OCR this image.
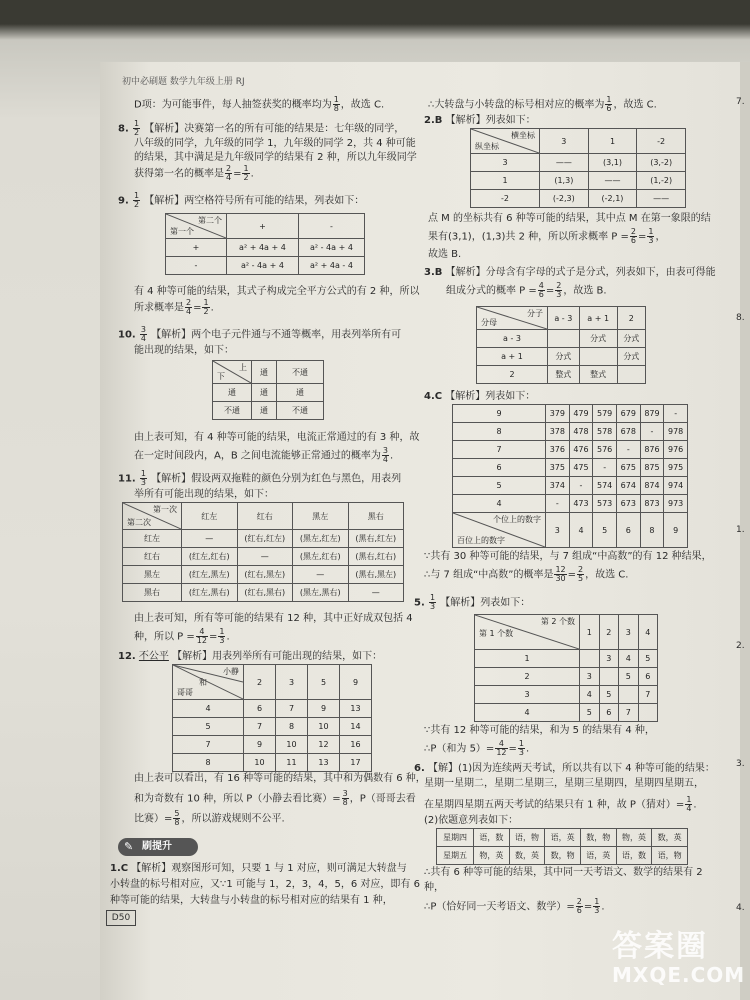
初中必刷题 数学九年级上册 RJ
D项：为可能事件，每人抽签获奖的概率均为 $\frac{1}{8}$ ，故选 C.
8. $\frac{1}{2}$ 【解析】决赛第一名的所有可能的结果是：七年级的同学，
八年级的同学，九年级的同学 1，九年级的同学 2，共 4 种可能
的结果，其中满足是九年级同学的结果有 2 种，所以九年级同学
获得第一名的概率是 $\frac{2}{4} = \frac{1}{2}$ .
9. $\frac{1}{2}$ 【解析】两空格符号所有可能的结果，列表如下：
第二个
第一个	+	-
+	a² + 4a + 4	a² - 4a + 4
-	a² - 4a + 4	a² + 4a - 4
有 4 种等可能的结果，其式子构成完全平方公式的有 2 种，所以
所求概率是 $\frac{2}{4} = \frac{1}{2}$ .
10. $\frac{3}{4}$ 【解析】两个电子元件通与不通等概率，用表列举所有可
能出现的结果，如下：
上
下	通	不通
通	通	通
不通	通	不通
由上表可知，有 4 种等可能的结果，电流正常通过的有 3 种，故
在一定时间段内，A，B 之间电流能够正常通过的概率为 $\frac{3}{4}$ .
11. $\frac{1}{3}$ 【解析】假设两双拖鞋的颜色分别为红色与黑色，用表列
举所有可能出现的结果，如下：
第一次
第二次	红左	红右	黑左	黑右
红左	—	(红右,红左)	(黑左,红左)	(黑右,红左)
红右	(红左,红右)	—	(黑左,红右)	(黑右,红右)
黑左	(红左,黑左)	(红右,黑左)	—	(黑右,黑左)
黑右	(红左,黑右)	(红右,黑右)	(黑左,黑右)	—
由上表可知，所有等可能的结果有 12 种，其中正好成双包括 4
种，所以 $P = \frac{4}{12} = \frac{1}{3}$ .
12. 不公平 【解析】用表列举所有可能出现的结果，如下：
小静
和
哥哥	2	3	5	9
4	6	7	9	13
5	7	8	10	14
7	9	10	12	16
8	10	11	13	17
由上表可以看出，有 16 种等可能的结果，其中和为偶数有 6 种，
和为奇数有 10 种，所以 P（小静去看比赛）= $\frac{3}{8}$ ，P（哥哥去看
比赛）= $\frac{5}{8}$ ，所以游戏规则不公平.
✎ 刷提升
1.C 【解析】观察图形可知，只要 1 与 1 对应，则可满足大转盘与
小转盘的标号相对应，又∵1 可能与 1，2，3，4，5，6 对应，即有 6
种等可能的结果，大转盘与小转盘的标号相对应的结果有 1 种，
D50
∴大转盘与小转盘的标号相对应的概率为 $\frac{1}{6}$ ，故选 C.
2.B 【解析】列表如下：
横坐标
纵坐标	3	1	-2
3	——	(3,1)	(3,-2)
1	(1,3)	——	(1,-2)
-2	(-2,3)	(-2,1)	——
点 M 的坐标共有 6 种等可能的结果，其中点 M 在第一象限的结
果有(3,1)，(1,3)共 2 种，所以所求概率 $P = \frac{2}{6} = \frac{1}{3}$ ，
故选 B.
3.B 【解析】分母含有字母的式子是分式，列表如下，由表可得能
组成分式的概率 $P = \frac{4}{6} = \frac{2}{3}$ ，故选 B.
分子
分母	a - 3	a + 1	2
a - 3		分式	分式
a + 1	分式		分式
2	整式	整式	
4.C 【解析】列表如下：
9	379	479	579	679	879	-
8	378	478	578	678	-	978
7	376	476	576	-	876	976
6	375	475	-	675	875	975
5	374	-	574	674	874	974
4	-	473	573	673	873	973

个位上的数字
百位上的数字	3	4	5	6	8	9
∵共有 30 种等可能的结果，与 7 组成“中高数”的有 12 种结果，
∴与 7 组成“中高数”的概率是 $\frac{12}{30} = \frac{2}{5}$ ，故选 C.
5. $\frac{1}{3}$ 【解析】列表如下：
第 2 个数
第 1 个数	1	2	3	4
1		3	4	5
2	3		5	6
3	4	5		7
4	5	6	7	
∵共有 12 种等可能的结果，和为 5 的结果有 4 种，
∴P（和为 $5)= \frac{4}{12} = \frac{1}{3}$ .
6. 【解】(1)因为连续两天考试，所以共有以下 4 种等可能的结果：
星期一星期二，星期二星期三，星期三星期四，星期四星期五，
在星期四星期五两天考试的结果只有 1 种，故 P（猜对）= $\frac{1}{4}$ .
(2)依题意列表如下：
星期四	语，数	语，物	语，英	数，物	物，英	数，英
星期五	物，英	数，英	数，物	语，英	语，数	语，物
∴共有 6 种等可能的结果，其中同一天考语文、数学的结果有 2
种，
∴P（恰好同一天考语文、数学）= $\frac{2}{6} = \frac{1}{3}$ .
7.
8.
1.
2.
3.
4.
答案圈
MXQE.COM
